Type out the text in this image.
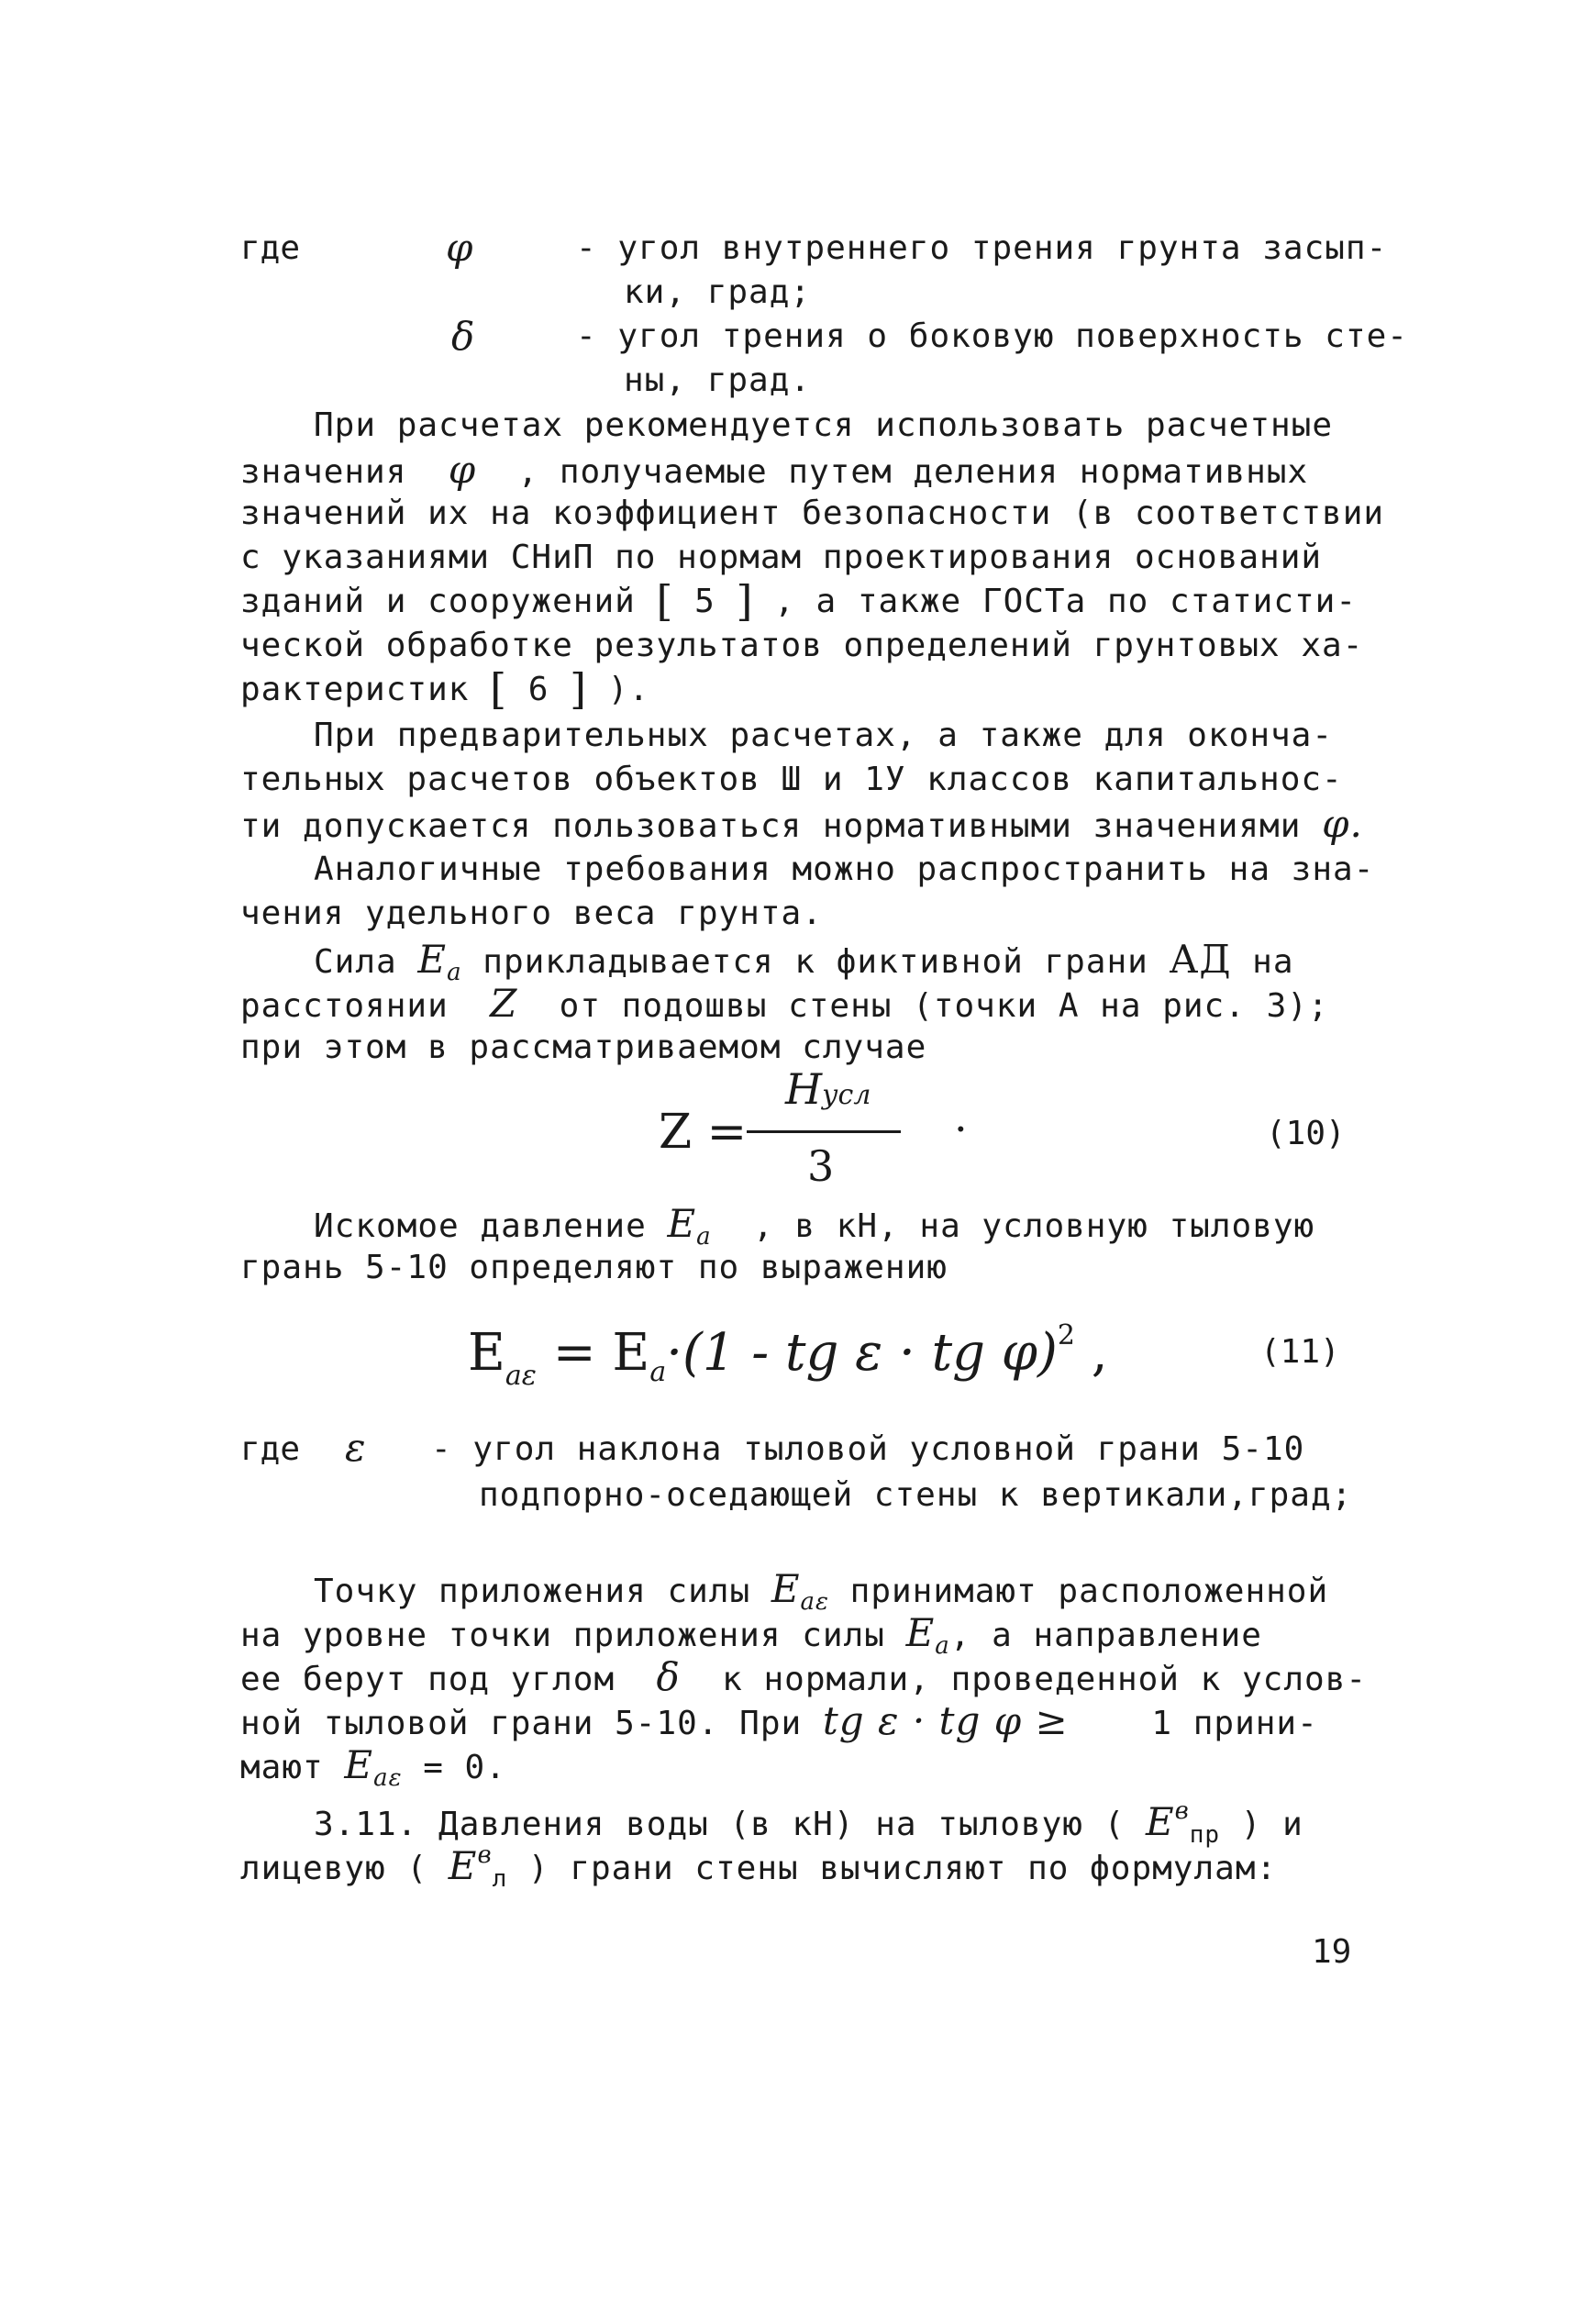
где	φ	- угол внутреннего трения грунта засып-
ки, град;
δ	- угол трения о боковую поверхность сте-
ны, град.
При расчетах рекомендуется использовать расчетные
значения φ , получаемые путем деления нормативных
значений их на коэффициент безопасности (в соответствии
с указаниями СНиП по нормам проектирования оснований
зданий и сооружений [ 5 ] , а также ГОСТа по статисти-
ческой обработке результатов определений грунтовых ха-
рактеристик [ 6 ] ).
При предварительных расчетах, а также для оконча-
тельных расчетов объектов Ш и 1У классов капитальнос-
ти допускается пользоваться нормативными значениями φ.
Аналогичные требования можно распространить на зна-
чения удельного веса грунта.
Сила $E_a$ прикладывается к фиктивной грани АД на
расстоянии Z от подошвы стены (точки А на рис. 3);
при этом в рассматриваемом случае
Z =
Hусл
3
.	(10)
Искомое давление $E_a$ , в кН, на условную тыловую
грань 5-10 определяют по выражению
$E_{a\varepsilon} = E_a\cdot(1$ - tg ε · tg φ)$^2$ ,	(11)
где ε - угол наклона тыловой условной грани 5-10
подпорно-оседающей стены к вертикали,град;
Точку приложения силы $E_{a\varepsilon}$ принимают расположенной
на уровне точки приложения силы $E_a$, а направление
ее берут под углом δ к нормали, проведенной к услов-
ной тыловой грани 5-10. При tg ε · tg φ ≥	1 прини-
мают $E_{a\varepsilon} = 0$.
3.11. Давления воды (в кН) на тыловую ( $E^в_{пр}$ ) и
лицевую ( $E^в_л$ ) грани стены вычисляют по формулам:
19
